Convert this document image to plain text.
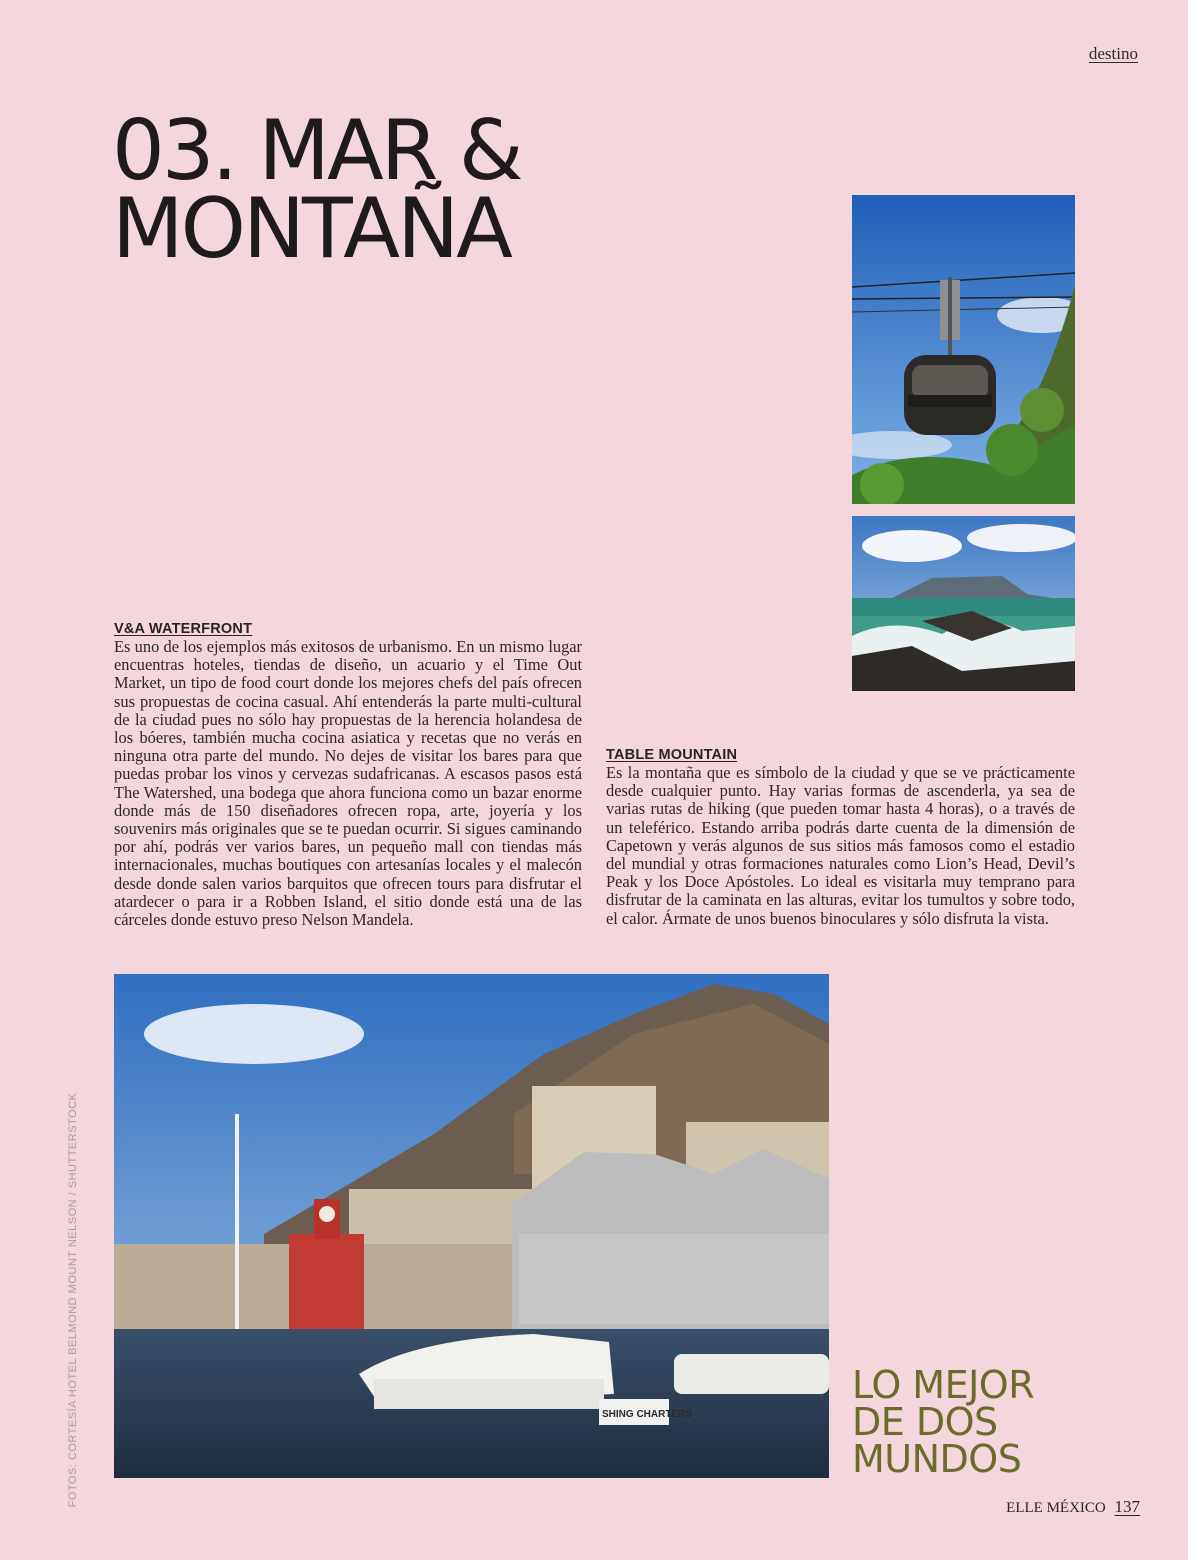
destino
03. MAR &
MONTAÑA
V&A WATERFRONT

Es uno de los ejemplos más exitosos de urbanismo. En un mismo lugar encuentras hoteles, tiendas de diseño, un acuario y el Time Out Market, un tipo de food court donde los mejores chefs del país ofrecen sus propuestas de cocina casual. Ahí entenderás la parte multi-cultural de la ciudad pues no sólo hay propuestas de la herencia holandesa de los bóeres, también mucha cocina asiatica y recetas que no verás en ninguna otra parte del mundo. No dejes de visitar los bares para que puedas probar los vinos y cervezas sudafricanas. A escasos pasos está The Watershed, una bodega que ahora funciona como un bazar enorme donde más de 150 diseñadores ofrecen ropa, arte, joyería y los souvenirs más originales que se te puedan ocurrir. Si sigues caminando por ahí, podrás ver varios bares, un pequeño mall con tiendas más internacionales, muchas boutiques con artesanías locales y el malecón desde donde salen varios barquitos que ofrecen tours para disfrutar el atardecer o para ir a Robben Island, el sitio donde está una de las cárceles donde estuvo preso Nelson Mandela.

TABLE MOUNTAIN

Es la montaña que es símbolo de la ciudad y que se ve prácticamente desde cualquier punto. Hay varias formas de ascenderla, ya sea de varias rutas de hiking (que pueden tomar hasta 4 horas), o a través de un teleférico. Estando arriba podrás darte cuenta de la dimensión de Capetown y verás algunos de sus sitios más famosos como el estadio del mundial y otras formaciones naturales como Lion’s Head, Devil’s Peak y los Doce Apóstoles. Lo ideal es visitarla muy temprano para disfrutar de la caminata en las alturas, evitar los tumultos y sobre todo, el calor. Ármate de unos buenos binoculares y sólo disfruta la vista.

SHING CHARTERS
FOTOS: CORTESÍA HOTEL BELMOND MOUNT NELSON / SHUTTERSTOCK	LO MEJOR
DE DOS
MUNDOS
ELLE MÉXICO 137
